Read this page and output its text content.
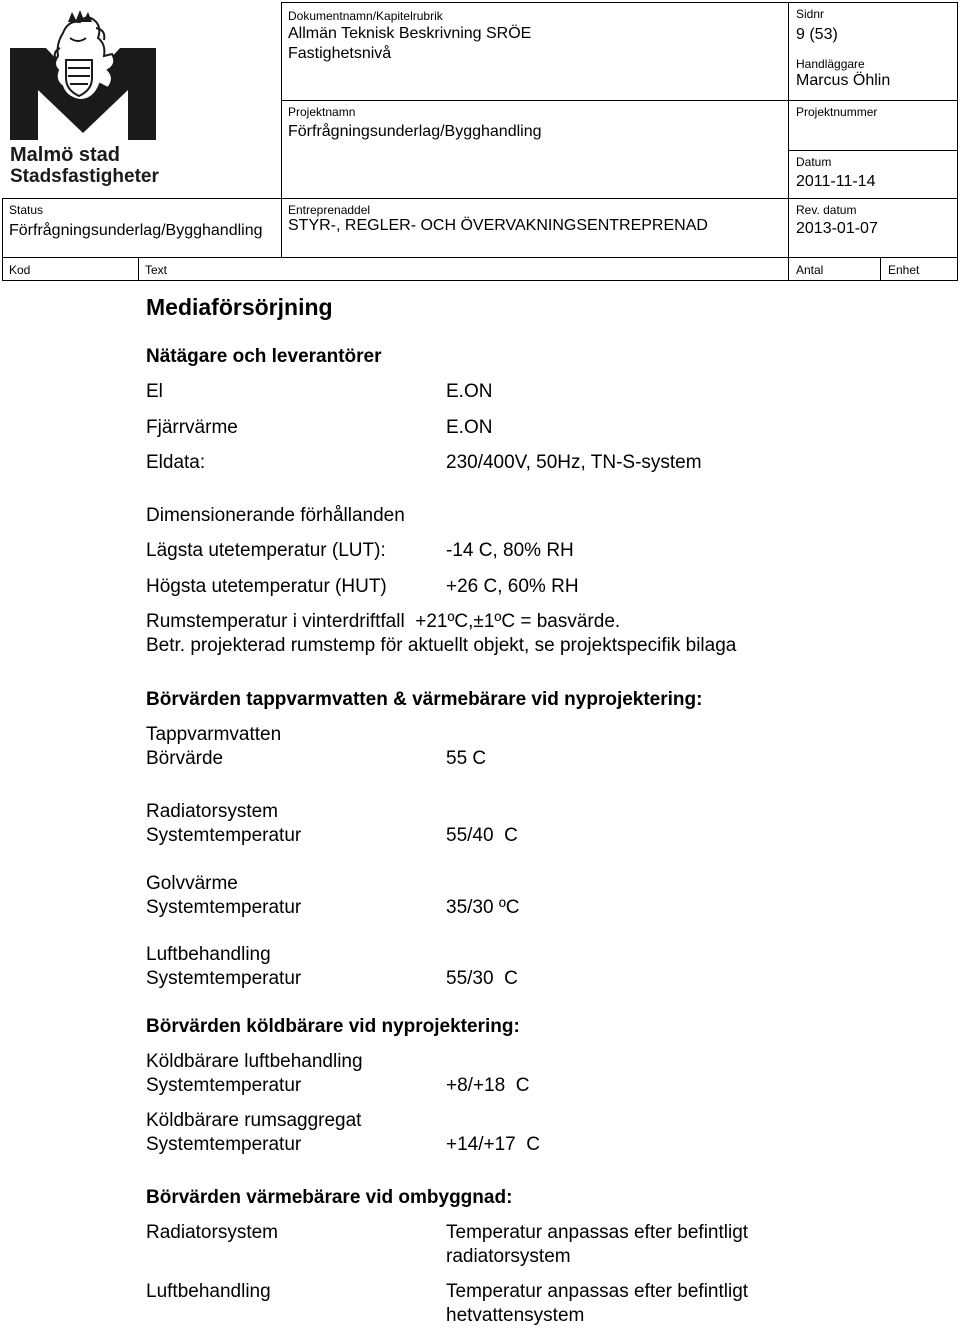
Malmö stad
Stadsfastigheter
Dokumentnamn/Kapitelrubrik
Allmän Teknisk Beskrivning SRÖE
Fastighetsnivå
Sidnr
9 (53)
Handläggare
Marcus Öhlin
Projektnamn
Förfrågningsunderlag/Bygghandling
Projektnummer
Datum
2011-11-14
Status
Förfrågningsunderlag/Bygghandling
Entreprenaddel
STYR-, REGLER- OCH ÖVERVAKNINGSENTREPRENAD
Rev. datum
2013-01-07
Kod	Text	Antal	Enhet
Mediaförsörjning
Nätägare och leverantörer
El	E.ON
Fjärrvärme	E.ON
Eldata:	230/400V, 50Hz, TN-S-system
Dimensionerande förhållanden
Lägsta utetemperatur (LUT):	-14 C, 80% RH
Högsta utetemperatur (HUT)	+26 C, 60% RH
Rumstemperatur i vinterdriftfall  +21ºC,±1ºC = basvärde.
Betr. projekterad rumstemp för aktuellt objekt, se projektspecifik bilaga
Börvärden tappvarmvatten & värmebärare vid nyprojektering:
Tappvarmvatten
Börvärde	55 C
Radiatorsystem
Systemtemperatur	55/40  C
Golvvärme
Systemtemperatur	35/30 ºC
Luftbehandling
Systemtemperatur	55/30  C
Börvärden köldbärare vid nyprojektering:
Köldbärare luftbehandling
Systemtemperatur	+8/+18  C
Köldbärare rumsaggregat
Systemtemperatur	+14/+17  C
Börvärden värmebärare vid ombyggnad:
Radiatorsystem	Temperatur anpassas efter befintligt
radiatorsystem
Luftbehandling	Temperatur anpassas efter befintligt
hetvattensystem
